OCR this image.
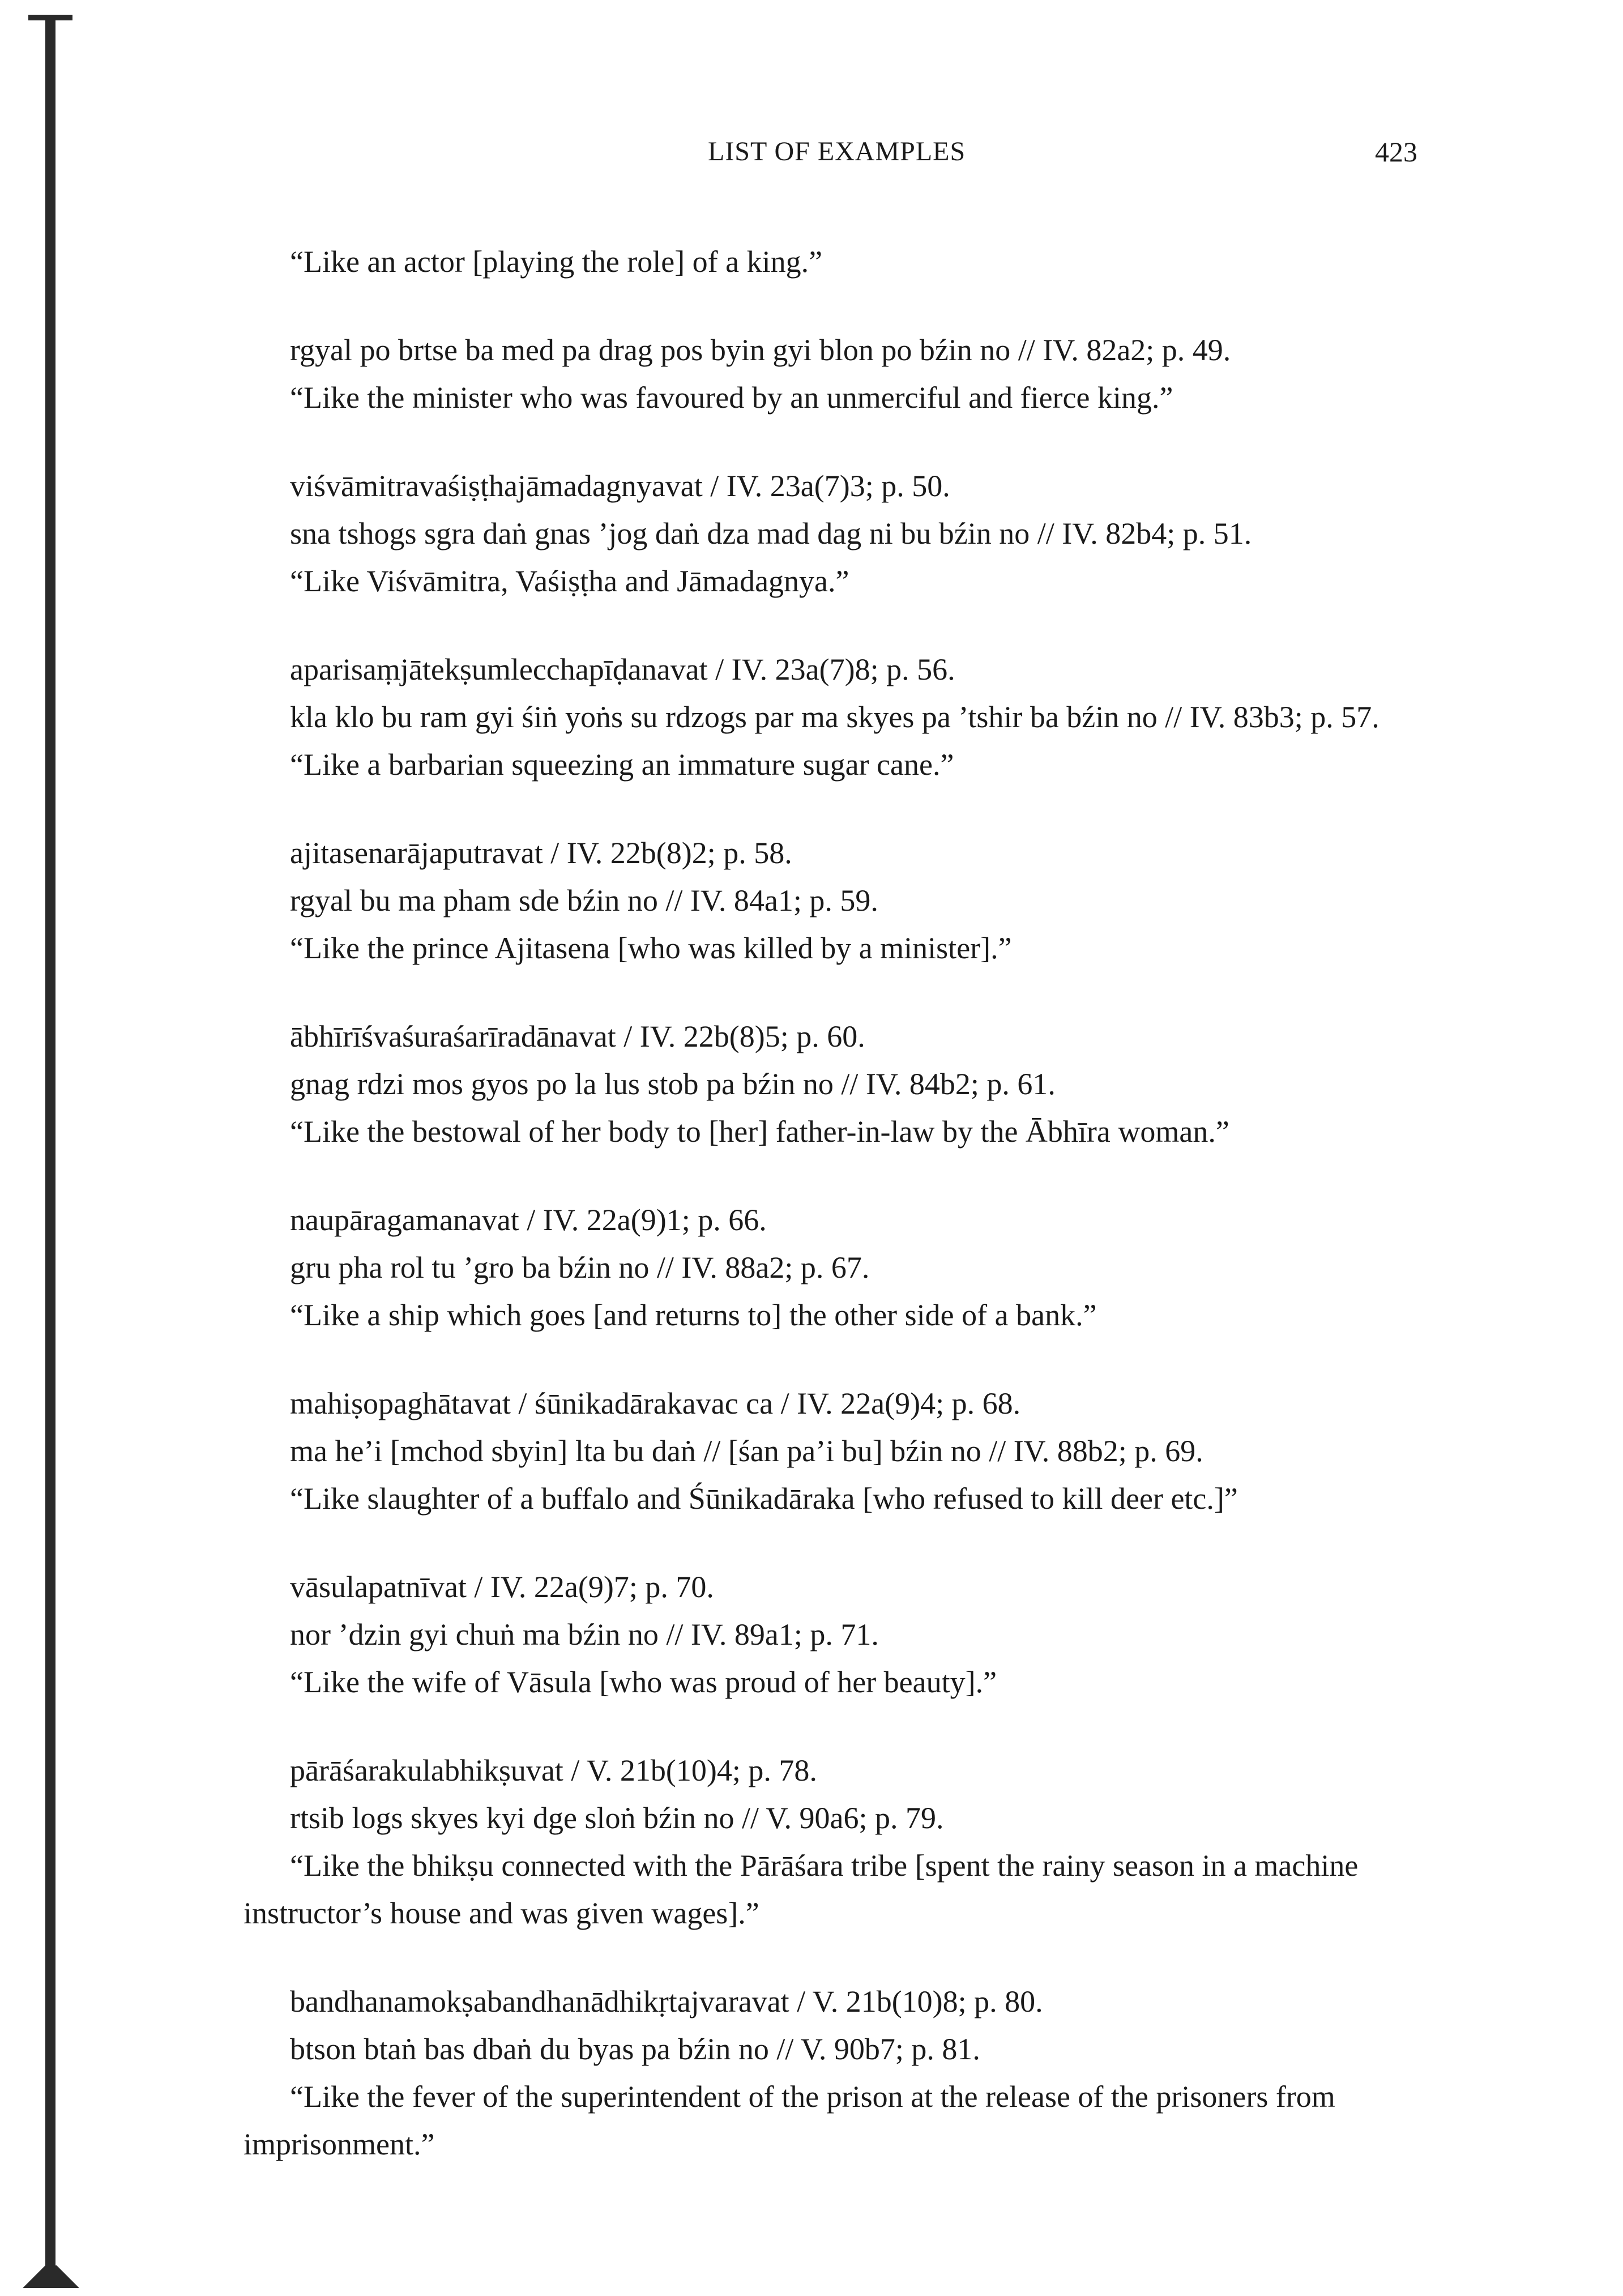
LIST OF EXAMPLES	423

“Like an actor [playing the role] of a king.”

rgyal po brtse ba med pa drag pos byin gyi blon po bźin no // IV. 82a2; p. 49.

“Like the minister who was favoured by an unmerciful and fierce king.”

viśvāmitravaśiṣṭhajāmadagnyavat / IV. 23a(7)3; p. 50.

sna tshogs sgra daṅ gnas ’jog daṅ dza mad dag ni bu bźin no // IV. 82b4; p. 51.

“Like Viśvāmitra, Vaśiṣṭha and Jāmadagnya.”

aparisaṃjātekṣumlecchapīḍanavat / IV. 23a(7)8; p. 56.

kla klo bu ram gyi śiṅ yoṅs su rdzogs par ma skyes pa ’tshir ba bźin no // IV. 83b3; p. 57.

“Like a barbarian squeezing an immature sugar cane.”

ajitasenarājaputravat / IV. 22b(8)2; p. 58.

rgyal bu ma pham sde bźin no // IV. 84a1; p. 59.

“Like the prince Ajitasena [who was killed by a minister].”

ābhīrīśvaśuraśarīradānavat / IV. 22b(8)5; p. 60.

gnag rdzi mos gyos po la lus stob pa bźin no // IV. 84b2; p. 61.

“Like the bestowal of her body to [her] father-in-law by the Ābhīra woman.”

naupāragamanavat / IV. 22a(9)1; p. 66.

gru pha rol tu ’gro ba bźin no // IV. 88a2; p. 67.

“Like a ship which goes [and returns to] the other side of a bank.”

mahiṣopaghātavat / śūnikadārakavac ca / IV. 22a(9)4; p. 68.

ma he’i [mchod sbyin] lta bu daṅ // [śan pa’i bu] bźin no // IV. 88b2; p. 69.

“Like slaughter of a buffalo and Śūnikadāraka [who refused to kill deer etc.]”

vāsulapatnīvat / IV. 22a(9)7; p. 70.

nor ’dzin gyi chuṅ ma bźin no // IV. 89a1; p. 71.

“Like the wife of Vāsula [who was proud of her beauty].”

pārāśarakulabhikṣuvat / V. 21b(10)4; p. 78.

rtsib logs skyes kyi dge sloṅ bźin no // V. 90a6; p. 79.

“Like the bhikṣu connected with the Pārāśara tribe [spent the rainy season in a machine instructor’s house and was given wages].”

bandhanamokṣabandhanādhikṛtajvaravat / V. 21b(10)8; p. 80.

btson btaṅ bas dbaṅ du byas pa bźin no // V. 90b7; p. 81.

“Like the fever of the superintendent of the prison at the release of the prisoners from imprisonment.”
